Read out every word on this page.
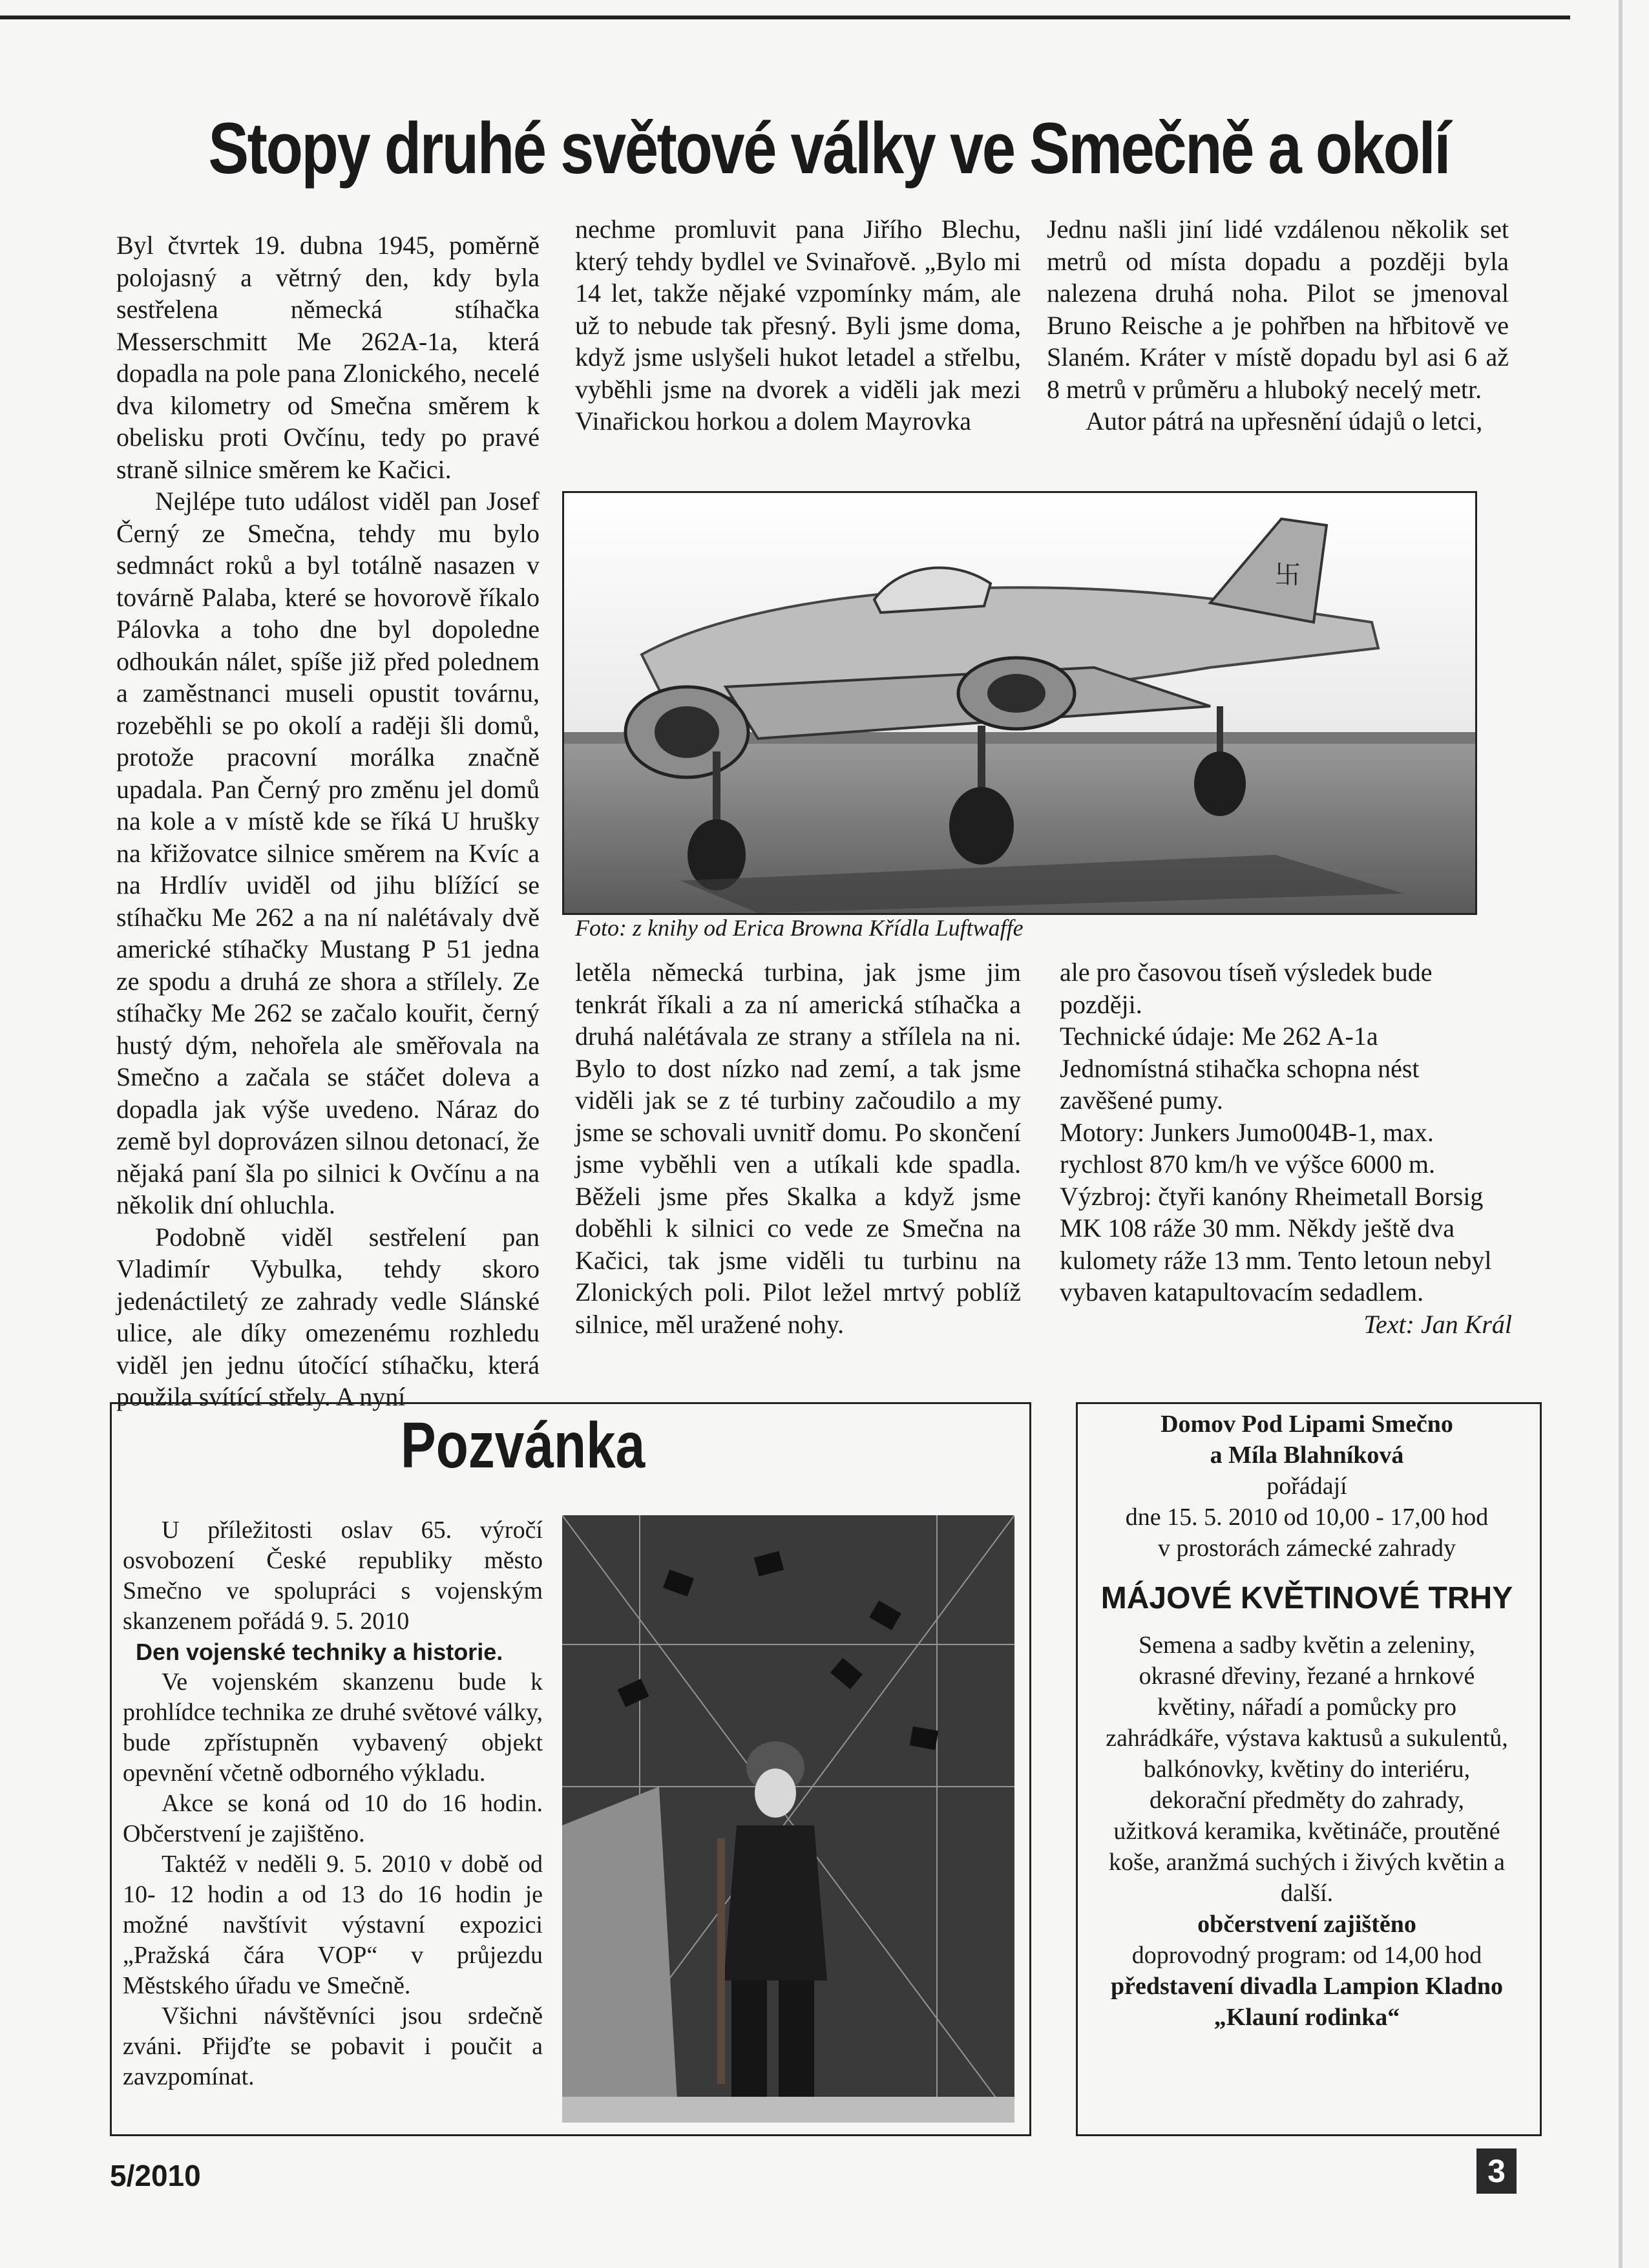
Stopy druhé světové války ve Smečně a okolí

Byl čtvrtek 19. dubna 1945, poměrně polojasný a větrný den, kdy byla sestřelena německá stíhačka Messerschmitt Me 262A-1a, která dopadla na pole pana Zlonického, necelé dva kilometry od Smečna směrem k obelisku proti Ovčínu, tedy po pravé straně silnice směrem ke Kačici.

Nejlépe tuto událost viděl pan Josef Černý ze Smečna, tehdy mu bylo sedmnáct roků a byl totálně nasazen v továrně Palaba, které se hovorově říkalo Pálovka a toho dne byl dopoledne odhoukán nálet, spíše již před polednem a zaměstnanci museli opustit továrnu, rozeběhli se po okolí a raději šli domů, protože pracovní morálka značně upadala. Pan Černý pro změnu jel domů na kole a v místě kde se říká U hrušky na křižovatce silnice směrem na Kvíc a na Hrdlív uviděl od jihu blížící se stíhačku Me 262 a na ní nalétávaly dvě americké stíhačky Mustang P 51 jedna ze spodu a druhá ze shora a střílely. Ze stíhačky Me 262 se začalo kouřit, černý hustý dým, nehořela ale směřovala na Smečno a začala se stáčet doleva a dopadla jak výše uvedeno. Náraz do země byl doprovázen silnou detonací, že nějaká paní šla po silnici k Ovčínu a na několik dní ohluchla.

Podobně viděl sestřelení pan Vladimír Vybulka, tehdy skoro jedenáctiletý ze zahrady vedle Slánské ulice, ale díky omezenému rozhledu viděl jen jednu útočící stíhačku, která použila svítící střely. A nyní

nechme promluvit pana Jiřího Blechu, který tehdy bydlel ve Svinařově. „Bylo mi 14 let, takže nějaké vzpomínky mám, ale už to nebude tak přesný. Byli jsme doma, když jsme uslyšeli hukot letadel a střelbu, vyběhli jsme na dvorek a viděli jak mezi Vinařickou horkou a dolem Mayrovka

Jednu našli jiní lidé vzdálenou několik set metrů od místa dopadu a později byla nalezena druhá noha. Pilot se jmenoval Bruno Reische a je pohřben na hřbitově ve Slaném. Kráter v místě dopadu byl asi 6 až 8 metrů v průměru a hluboký necelý metr.

Autor pátrá na upřesnění údajů o letci,

卐
Foto: z knihy od Erica Browna Křídla Luftwaffe

letěla německá turbina, jak jsme jim tenkrát říkali a za ní americká stíhačka a druhá nalétávala ze strany a střílela na ni. Bylo to dost nízko nad zemí, a tak jsme viděli jak se z té turbiny začoudilo a my jsme se schovali uvnitř domu. Po skončení jsme vyběhli ven a utíkali kde spadla. Běželi jsme přes Skalka a když jsme doběhli k silnici co vede ze Smečna na Kačici, tak jsme viděli tu turbinu na Zlonických poli. Pilot ležel mrtvý poblíž silnice, měl uražené nohy.

ale pro časovou tíseň výsledek bude později.

Technické údaje: Me 262 A-1a

Jednomístná stihačka schopna nést zavěšené pumy.

Motory: Junkers Jumo004B-1, max. rychlost 870 km/h ve výšce 6000 m.

Výzbroj: čtyři kanóny Rheimetall Borsig MK 108 ráže 30 mm. Někdy ještě dva kulomety ráže 13 mm. Tento letoun nebyl vybaven katapultovacím sedadlem.

Text: Jan Král

Pozvánka

U příležitosti oslav 65. výročí osvobození České republiky město Smečno ve spolupráci s vojenským skanzenem pořádá 9. 5. 2010

Den vojenské techniky a historie.

Ve vojenském skanzenu bude k prohlídce technika ze druhé světové války, bude zpřístupněn vybavený objekt opevnění včetně odborného výkladu.

Akce se koná od 10 do 16 hodin. Občerstvení je zajištěno.

Taktéž v neděli 9. 5. 2010 v době od 10- 12 hodin a od 13 do 16 hodin je možné navštívit výstavní expozici „Pražská čára VOP“ v průjezdu Městského úřadu ve Smečně.

Všichni návštěvníci jsou srdečně zváni. Přijďte se pobavit i poučit a zavzpomínat.

Domov Pod Lipami Smečno
a Míla Blahníková
pořádají
dne 15. 5. 2010 od 10,00 - 17,00 hod
v prostorách zámecké zahrady
MÁJOVÉ KVĚTINOVÉ TRHY
Semena a sadby květin a zeleniny, okrasné dřeviny, řezané a hrnkové květiny, nářadí a pomůcky pro zahrádkáře, výstava kaktusů a sukulentů, balkónovky, květiny do interiéru, dekorační předměty do zahrady, užitková keramika, květináče, proutěné koše, aranžmá suchých i živých květin a další.
občerstvení zajištěno
doprovodný program: od 14,00 hod
představení divadla Lampion Kladno
„Klauní rodinka“
5/2010	3
